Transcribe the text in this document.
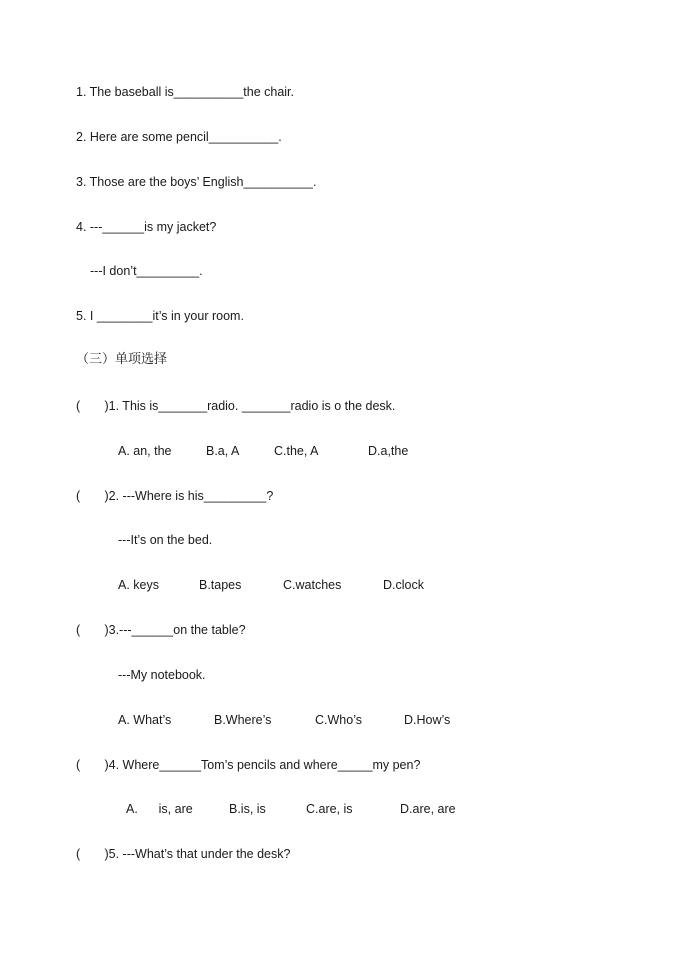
1. The baseball is__________the chair.
2. Here are some pencil__________.
3. Those are the boys’ English__________.
4. ---______is my jacket?
---I don’t_________.
5. I ________it’s in your room.
（三）单项选择
(       )1. This is_______radio. _______radio is o the desk.
A. an, the	B.a, A	C.the, A	D.a,the
(       )2. ---Where is his_________?
---It’s on the bed.
A. keys	B.tapes	C.watches	D.clock
(       )3.---______on the table?
---My notebook.
A. What’s	B.Where’s	C.Who’s	D.How’s
(       )4. Where______Tom’s pencils and where_____my pen?
A.      is, are	B.is, is	C.are, is	D.are, are
(       )5. ---What’s that under the desk?
